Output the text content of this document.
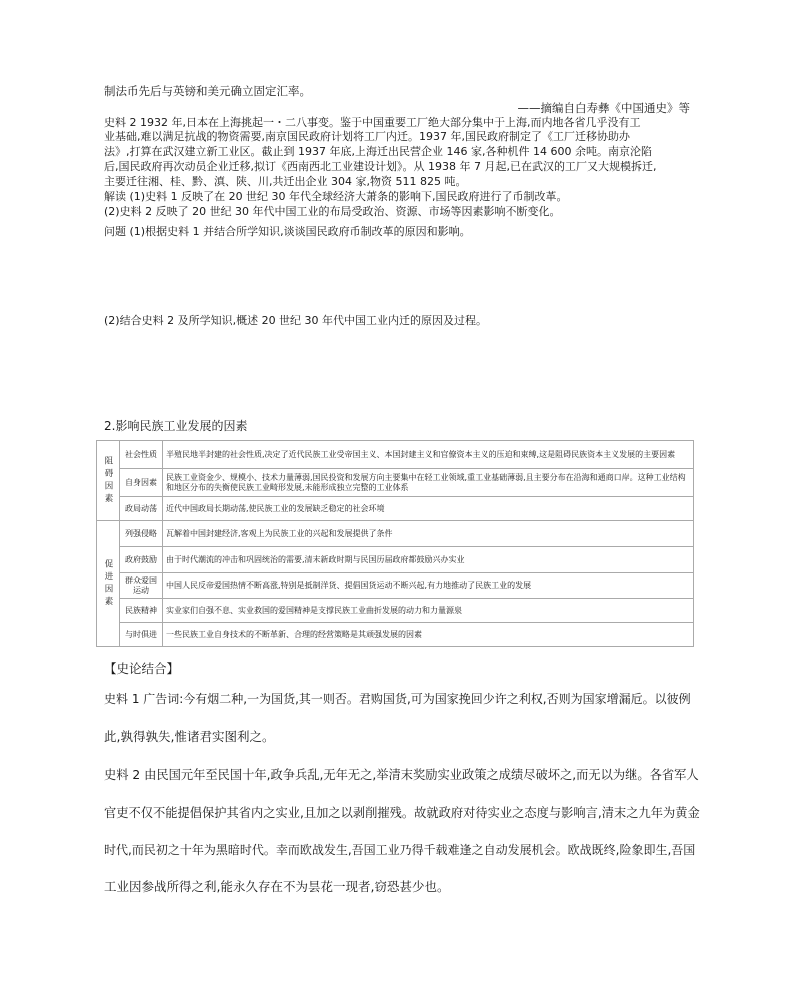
制法币先后与英镑和美元确立固定汇率。
——摘编自白寿彝《中国通史》等
史料 2 1932 年,日本在上海挑起一・二八事变。鉴于中国重要工厂绝大部分集中于上海,而内地各省几乎没有工
业基础,难以满足抗战的物资需要,南京国民政府计划将工厂内迁。1937 年,国民政府制定了《工厂迁移协助办
法》,打算在武汉建立新工业区。截止到 1937 年底,上海迁出民营企业 146 家,各种机件 14 600 余吨。南京沦陷
后,国民政府再次动员企业迁移,拟订《西南西北工业建设计划》。从 1938 年 7 月起,已在武汉的工厂又大规模拆迁,
主要迁往湘、桂、黔、滇、陕、川,共迁出企业 304 家,物资 511 825 吨。
解读 (1)史料 1 反映了在 20 世纪 30 年代全球经济大萧条的影响下,国民政府进行了币制改革。
(2)史料 2 反映了 20 世纪 30 年代中国工业的布局受政治、资源、市场等因素影响不断变化。
问题 (1)根据史料 1 并结合所学知识,谈谈国民政府币制改革的原因和影响。
(2)结合史料 2 及所学知识,概述 20 世纪 30 年代中国工业内迁的原因及过程。
2.影响民族工业发展的因素
阻碍因素	社会性质	半殖民地半封建的社会性质,决定了近代民族工业受帝国主义、本国封建主义和官僚资本主义的压迫和束缚,这是阻碍民族资本主义发展的主要因素
	自身因素	民族工业资金少、规模小、技术力量薄弱,国民投资和发展方向主要集中在轻工业领域,重工业基础薄弱,且主要分布在沿海和通商口岸。这种工业结构和地区分布的失衡使民族工业畸形发展,未能形成独立完整的工业体系
	政局动荡	近代中国政局长期动荡,使民族工业的发展缺乏稳定的社会环境
促进因素	列强侵略	瓦解着中国封建经济,客观上为民族工业的兴起和发展提供了条件
	政府鼓励	由于时代潮流的冲击和巩固统治的需要,清末新政时期与民国历届政府都鼓励兴办实业
	群众爱国运动	中国人民反帝爱国热情不断高涨,特别是抵制洋货、提倡国货运动不断兴起,有力地推动了民族工业的发展
	民族精神	实业家们自强不息、实业救国的爱国精神是支撑民族工业曲折发展的动力和力量源泉
	与时俱进	一些民族工业自身技术的不断革新、合理的经营策略是其顽强发展的因素
【史论结合】
史料 1 广告词:今有烟二种,一为国货,其一则否。君购国货,可为国家挽回少许之利权,否则为国家增漏卮。以彼例
此,孰得孰失,惟诸君实图利之。
史料 2 由民国元年至民国十年,政争兵乱,无年无之,举清末奖励实业政策之成绩尽破坏之,而无以为继。各省军人
官吏不仅不能提倡保护其省内之实业,且加之以剥削摧残。故就政府对待实业之态度与影响言,清末之九年为黄金
时代,而民初之十年为黑暗时代。幸而欧战发生,吾国工业乃得千载难逢之自动发展机会。欧战既终,险象即生,吾国
工业因参战所得之利,能永久存在不为昙花一现者,窃恐甚少也。
